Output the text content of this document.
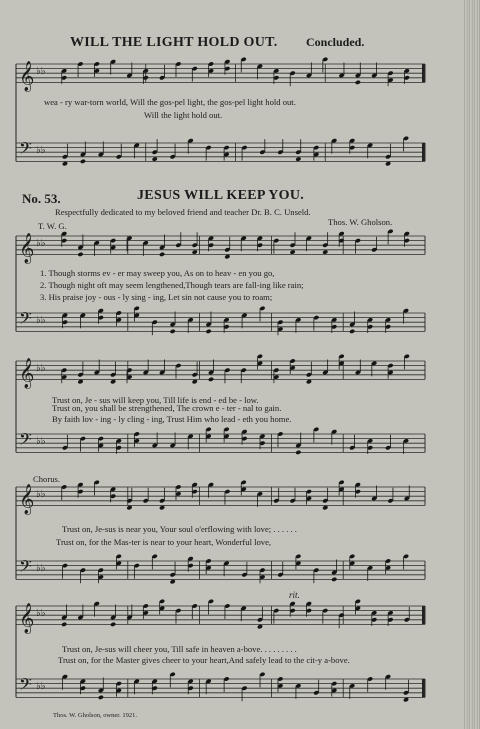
𝄞 ♭♭
𝄢 ♭♭
𝄞 ♭♭
𝄢 ♭♭
𝄞 ♭♭
𝄢 ♭♭
𝄞 ♭♭
𝄢 ♭♭
𝄞 ♭♭
𝄢 ♭♭
WILL THE LIGHT HOLD OUT. Concluded.
wea - ry war-torn world, Will the gos-pel light, the gos-pel light hold out.
Will the light hold out.
No. 53.	JESUS WILL KEEP YOU.
Respectfully dedicated to my beloved friend and teacher Dr. B. C. Unseld.
T. W. G.	Thos. W. Gholson.
1. Though storms ev - er may sweep you, As on to heav - en you go,
2. Though night oft may seem lengthened,Though tears are fall-ing like rain;
3. His praise joy - ous - ly sing - ing, Let sin not cause you to roam;
Trust on, Je - sus will keep you, Till life is end - ed be - low.
Trust on, you shall be strengthened, The crown e - ter - nal to gain.
By faith lov - ing - ly cling - ing, Trust Him who lead - eth you home.
Chorus.
Trust on, Je-sus is near you, Your soul o'erflowing with love; . . . . . .
Trust on, for the Mas-ter is near to your heart, Wonderful love,
rit.
Trust on, Je-sus will cheer you, Till safe in heaven a-bove. . . . . . . . .
Trust on, for the Master gives cheer to your heart,And safely lead to the cit-y a-bove.
Thos. W. Gholson, owner. 1921.
